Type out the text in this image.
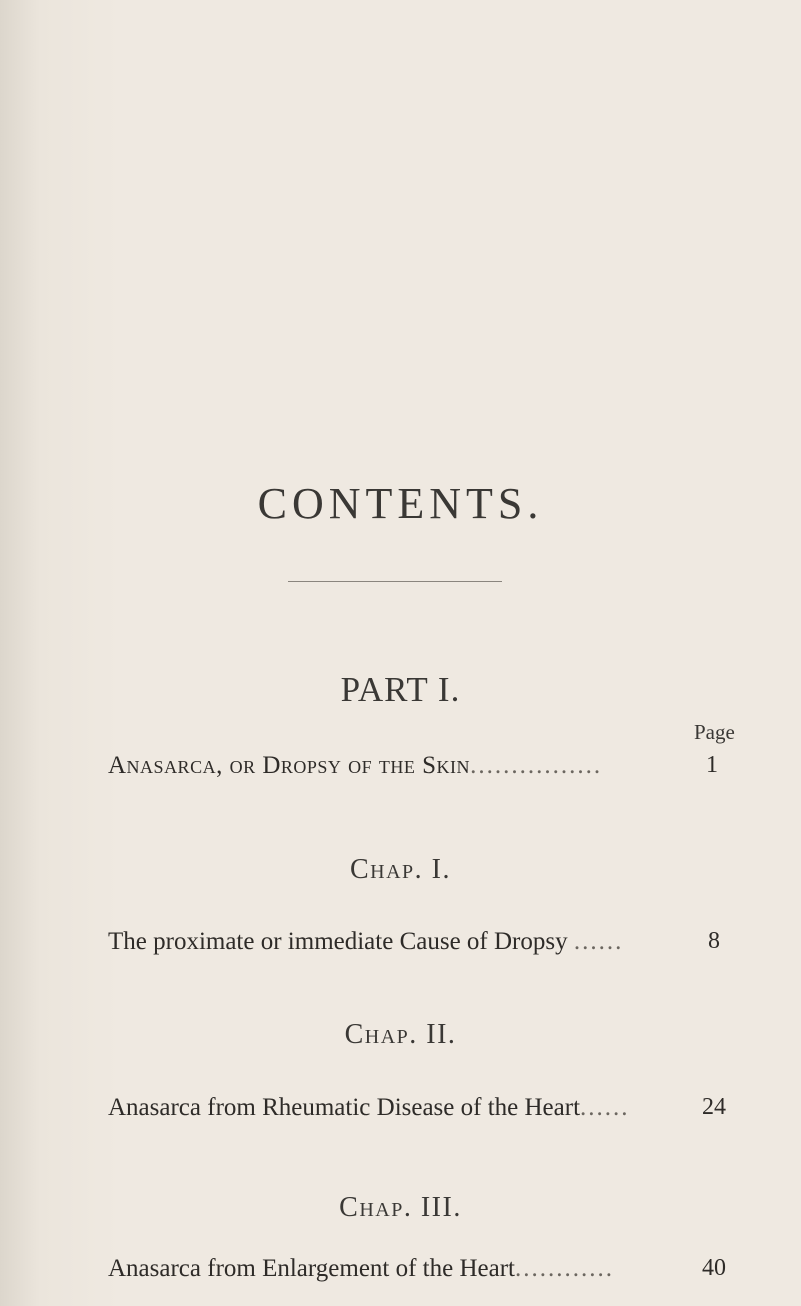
CONTENTS.
PART I.
Page
Anasarca, or Dropsy of the Skin................	1
Chap. I.
The proximate or immediate Cause of Dropsy ......	8
Chap. II.
Anasarca from Rheumatic Disease of the Heart......	24
Chap. III.
Anasarca from Enlargement of the Heart............	40
